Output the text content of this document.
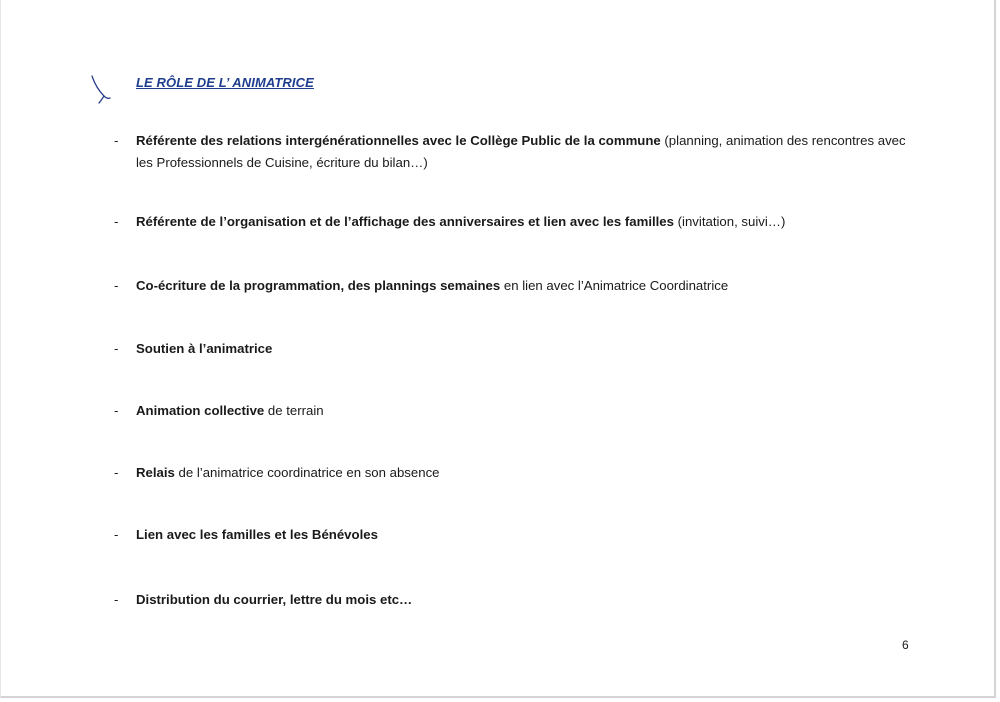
LE RÔLE DE L’ ANIMATRICE
- Référente des relations intergénérationnelles avec le Collège Public de la commune (planning, animation des rencontres avec les Professionnels de Cuisine, écriture du bilan…)
- Référente de l’organisation et de l’affichage des anniversaires et lien avec les familles (invitation, suivi…)
- Co-écriture de la programmation, des plannings semaines en lien avec l’Animatrice Coordinatrice
- Soutien à l’animatrice
- Animation collective de terrain
- Relais de l’animatrice coordinatrice en son absence
- Lien avec les familles et les Bénévoles
- Distribution du courrier, lettre du mois etc…
6
